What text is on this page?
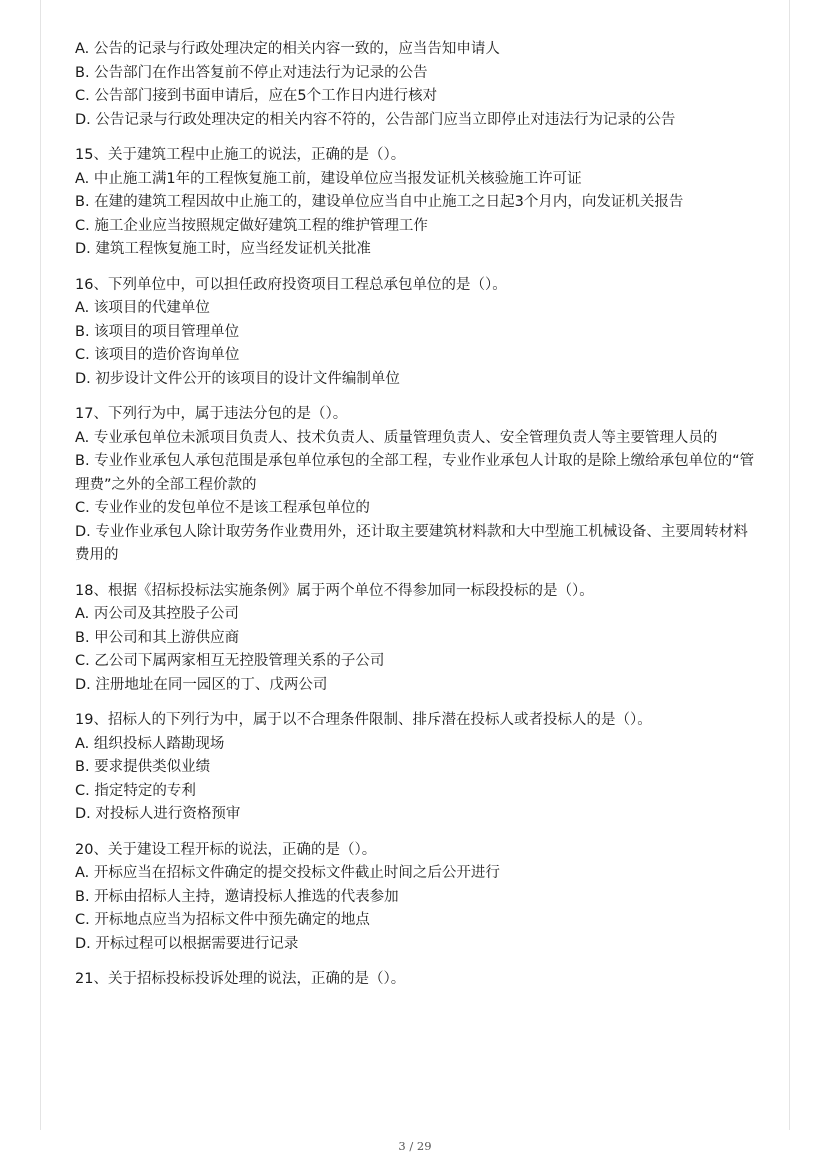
A. 公告的记录与行政处理决定的相关内容一致的，应当告知申请人

B. 公告部门在作出答复前不停止对违法行为记录的公告

C. 公告部门接到书面申请后，应在5个工作日内进行核对

D. 公告记录与行政处理决定的相关内容不符的，公告部门应当立即停止对违法行为记录的公告

15、关于建筑工程中止施工的说法，正确的是（）。

A. 中止施工满1年的工程恢复施工前，建设单位应当报发证机关核验施工许可证

B. 在建的建筑工程因故中止施工的，建设单位应当自中止施工之日起3个月内，向发证机关报告

C. 施工企业应当按照规定做好建筑工程的维护管理工作

D. 建筑工程恢复施工时，应当经发证机关批准

16、下列单位中，可以担任政府投资项目工程总承包单位的是（）。

A. 该项目的代建单位

B. 该项目的项目管理单位

C. 该项目的造价咨询单位

D. 初步设计文件公开的该项目的设计文件编制单位

17、下列行为中，属于违法分包的是（）。

A. 专业承包单位未派项目负责人、技术负责人、质量管理负责人、安全管理负责人等主要管理人员的

B. 专业作业承包人承包范围是承包单位承包的全部工程，专业作业承包人计取的是除上缴给承包单位的“管理费”之外的全部工程价款的

C. 专业作业的发包单位不是该工程承包单位的

D. 专业作业承包人除计取劳务作业费用外，还计取主要建筑材料款和大中型施工机械设备、主要周转材料费用的

18、根据《招标投标法实施条例》属于两个单位不得参加同一标段投标的是（）。

A. 丙公司及其控股子公司

B. 甲公司和其上游供应商

C. 乙公司下属两家相互无控股管理关系的子公司

D. 注册地址在同一园区的丁、戊两公司

19、招标人的下列行为中，属于以不合理条件限制、排斥潜在投标人或者投标人的是（）。

A. 组织投标人踏勘现场

B. 要求提供类似业绩

C. 指定特定的专利

D. 对投标人进行资格预审

20、关于建设工程开标的说法，正确的是（）。

A. 开标应当在招标文件确定的提交投标文件截止时间之后公开进行

B. 开标由招标人主持，邀请投标人推选的代表参加

C. 开标地点应当为招标文件中预先确定的地点

D. 开标过程可以根据需要进行记录

21、关于招标投标投诉处理的说法，正确的是（）。

3 / 29
